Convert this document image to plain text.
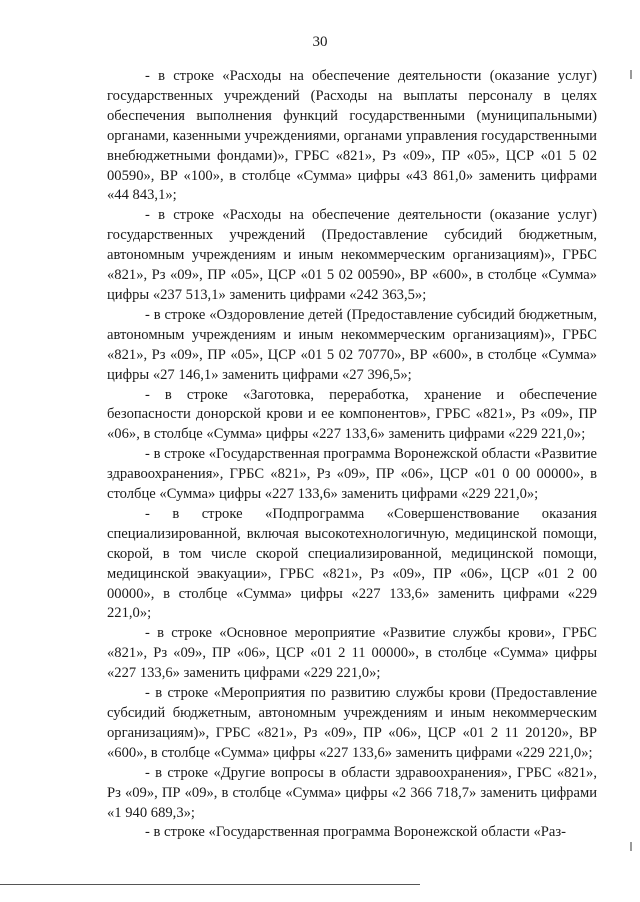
30

- в строке «Расходы на обеспечение деятельности (оказание услуг) государственных учреждений (Расходы на выплаты персоналу в целях обеспечения выполнения функций государственными (муниципальными) органами, казенными учреждениями, органами управления государственными внебюджетными фондами)», ГРБС «821», Рз «09», ПР «05», ЦСР «01 5 02 00590», ВР «100», в столбце «Сумма» цифры «43 861,0» заменить цифрами «44 843,1»;

- в строке «Расходы на обеспечение деятельности (оказание услуг) государственных учреждений (Предоставление субсидий бюджетным, автономным учреждениям и иным некоммерческим организациям)», ГРБС «821», Рз «09», ПР «05», ЦСР «01 5 02 00590», ВР «600», в столбце «Сумма» цифры «237 513,1» заменить цифрами «242 363,5»;

- в строке «Оздоровление детей (Предоставление субсидий бюджетным, автономным учреждениям и иным некоммерческим организациям)», ГРБС «821», Рз «09», ПР «05», ЦСР «01 5 02 70770», ВР «600», в столбце «Сумма» цифры «27 146,1» заменить цифрами «27 396,5»;

- в строке «Заготовка, переработка, хранение и обеспечение безопасности донорской крови и ее компонентов», ГРБС «821», Рз «09», ПР «06», в столбце «Сумма» цифры «227 133,6» заменить цифрами «229 221,0»;

- в строке «Государственная программа Воронежской области «Развитие здравоохранения», ГРБС «821», Рз «09», ПР «06», ЦСР «01 0 00 00000», в столбце «Сумма» цифры «227 133,6» заменить цифрами «229 221,0»;

- в строке «Подпрограмма «Совершенствование оказания специализированной, включая высокотехнологичную, медицинской помощи, скорой, в том числе скорой специализированной, медицинской помощи, медицинской эвакуации», ГРБС «821», Рз «09», ПР «06», ЦСР «01 2 00 00000», в столбце «Сумма» цифры «227 133,6» заменить цифрами «229 221,0»;

- в строке «Основное мероприятие «Развитие службы крови», ГРБС «821», Рз «09», ПР «06», ЦСР «01 2 11 00000», в столбце «Сумма» цифры «227 133,6» заменить цифрами «229 221,0»;

- в строке «Мероприятия по развитию службы крови (Предоставление субсидий бюджетным, автономным учреждениям и иным некоммерческим организациям)», ГРБС «821», Рз «09», ПР «06», ЦСР «01 2 11 20120», ВР «600», в столбце «Сумма» цифры «227 133,6» заменить цифрами «229 221,0»;

- в строке «Другие вопросы в области здравоохранения», ГРБС «821», Рз «09», ПР «09», в столбце «Сумма» цифры «2 366 718,7» заменить цифрами «1 940 689,3»;

- в строке «Государственная программа Воронежской области «Раз-
